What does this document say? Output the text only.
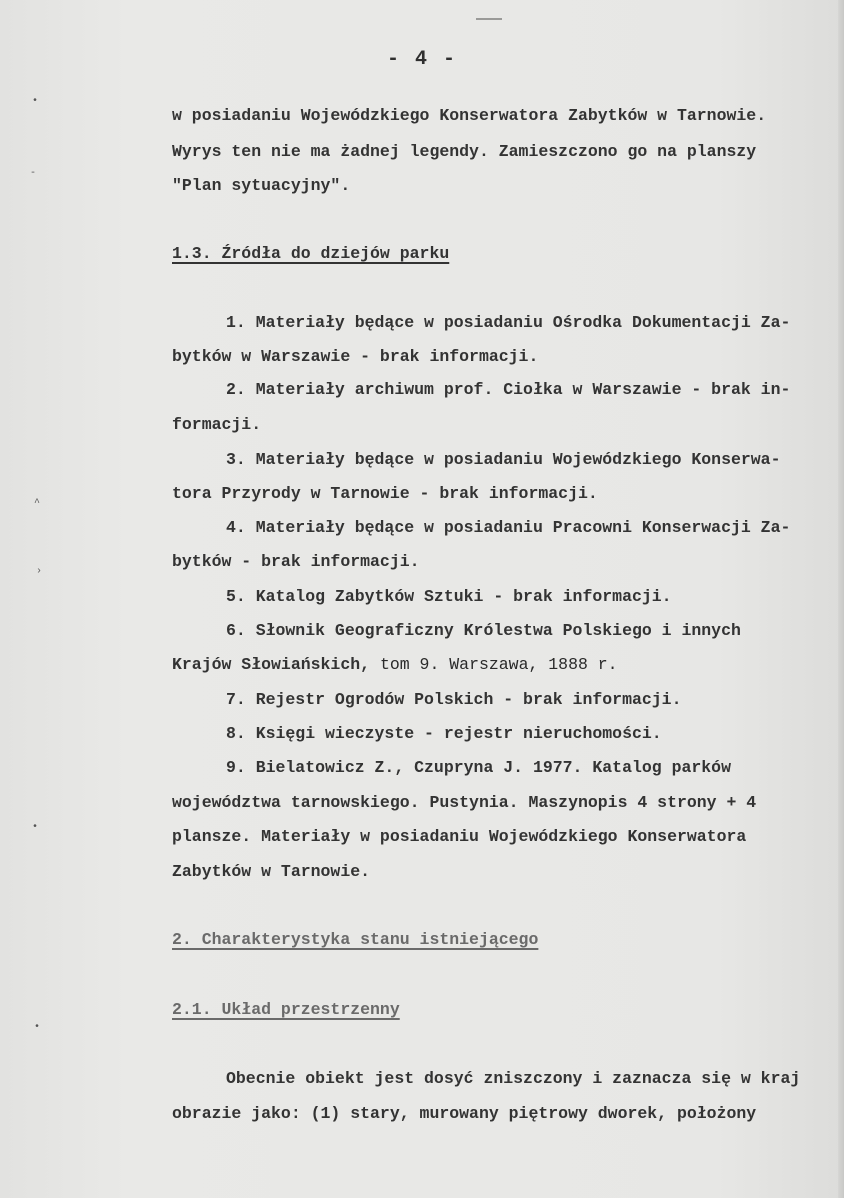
- 4 -
w posiadaniu Wojewódzkiego Konserwatora Zabytków w Tarnowie.
Wyrys ten nie ma żadnej legendy. Zamieszczono go na planszy
"Plan sytuacyjny".
1.3. Źródła do dziejów parku
1. Materiały będące w posiadaniu Ośrodka Dokumentacji Za-
bytków w Warszawie - brak informacji.
2. Materiały archiwum prof. Ciołka w Warszawie - brak in-
formacji.
3. Materiały będące w posiadaniu Wojewódzkiego Konserwa-
tora Przyrody w Tarnowie - brak informacji.
4. Materiały będące w posiadaniu Pracowni Konserwacji Za-
bytków - brak informacji.
5. Katalog Zabytków Sztuki - brak informacji.
6. Słownik Geograficzny Królestwa Polskiego i innych
Krajów Słowiańskich, tom 9. Warszawa, 1888 r.
7. Rejestr Ogrodów Polskich - brak informacji.
8. Księgi wieczyste - rejestr nieruchomości.
9. Bielatowicz Z., Czupryna J. 1977. Katalog parków
województwa tarnowskiego. Pustynia. Maszynopis 4 strony + 4
plansze. Materiały w posiadaniu Wojewódzkiego Konserwatora
Zabytków w Tarnowie.
2. Charakterystyka stanu istniejącego
2.1. Układ przestrzenny
Obecnie obiekt jest dosyć zniszczony i zaznacza się w kraj
obrazie jako: (1) stary, murowany piętrowy dworek, położony
•
‑
^
›
•
•
